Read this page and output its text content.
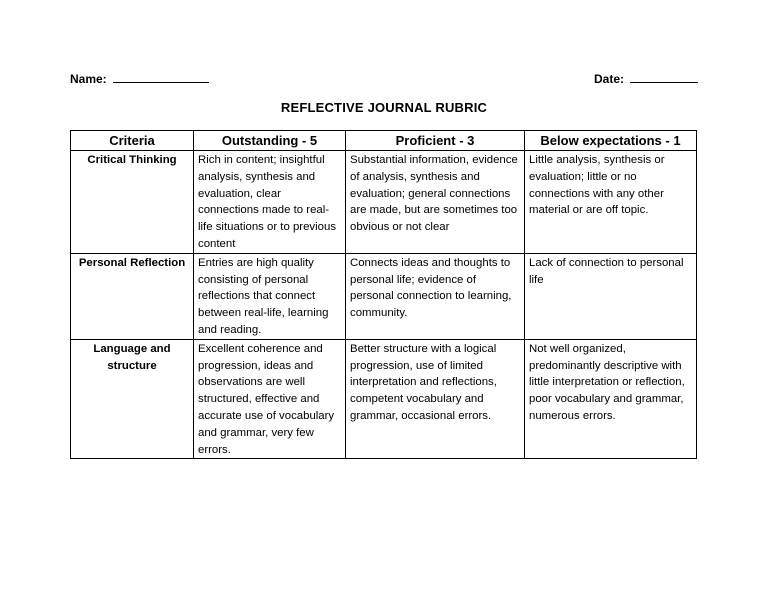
Name:	Date:
REFLECTIVE JOURNAL RUBRIC
Criteria	Outstanding - 5	Proficient - 3	Below expectations - 1
Critical Thinking	Rich in content; insightful analysis, synthesis and evaluation, clear connections made to real-life situations or to previous content	Substantial information, evidence of analysis, synthesis and evaluation; general connections are made, but are sometimes too obvious or not clear	Little analysis, synthesis or evaluation; little or no connections with any other material or are off topic.
Personal Reflection	Entries are high quality consisting of personal reflections that connect between real-life, learning and reading.	Connects ideas and thoughts to personal life; evidence of personal connection to learning, community.	Lack of connection to personal life
Language and structure	Excellent coherence and progression, ideas and observations are well structured, effective and accurate use of vocabulary and grammar, very few errors.	Better structure with a logical progression, use of limited interpretation and reflections, competent vocabulary and grammar, occasional errors.	Not well organized, predominantly descriptive with little interpretation or reflection, poor vocabulary and grammar, numerous errors.
